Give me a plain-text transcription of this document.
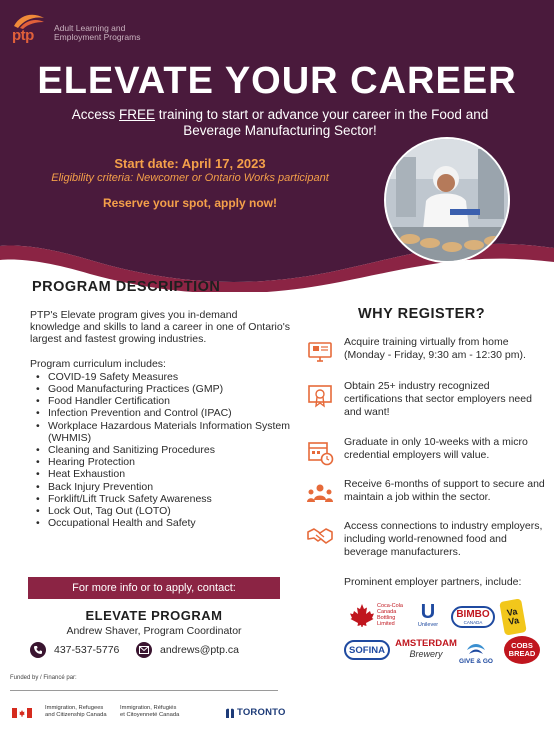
ptp Adult Learning and
Employment Programs
ELEVATE YOUR CAREER
Access FREE training to start or advance your career in the Food and Beverage Manufacturing Sector!
Start date: April 17, 2023
Eligibility criteria: Newcomer or Ontario Works participant
Reserve your spot, apply now!
PROGRAM DESCRIPTION

PTP's Elevate program gives you in-demand knowledge and skills to land a career in one of Ontario's largest and fastest growing industries.

Program curriculum includes:
• COVID-19 Safety Measures
• Good Manufacturing Practices (GMP)
• Food Handler Certification
• Infection Prevention and Control (IPAC)
• Workplace Hazardous Materials Information System (WHMIS)
• Cleaning and Sanitizing Procedures
• Hearing Protection
• Heat Exhaustion
• Back Injury Prevention
• Forklift/Lift Truck Safety Awareness
• Lock Out, Tag Out (LOTO)
• Occupational Health and Safety
For more info or to apply, contact:
ELEVATE PROGRAM
Andrew Shaver, Program Coordinator
437-537-5776	andrews@ptp.ca
Funded by / Financé par:
Immigration, Refugees
and Citizenship Canada
Immigration, Réfugiés
et Citoyenneté Canada	TORONTO
WHY REGISTER?
Acquire training virtually from home (Monday - Friday, 9:30 am - 12:30 pm).
Obtain 25+ industry recognized certifications that sector employers need and want!
Graduate in only 10-weeks with a micro credential employers will value.
Receive 6-months of support to secure and maintain a job within the sector.
Access connections to industry employers, including world-renowned food and beverage manufacturers.
Prominent employer partners, include:
Coca-Cola
Canada
Bottling
Limited
U
Unilever
BIMBO
CANADA
Va
Va
SOFINA
AMSTERDAM
Brewery
GIVE & GO
COBS
BREAD
